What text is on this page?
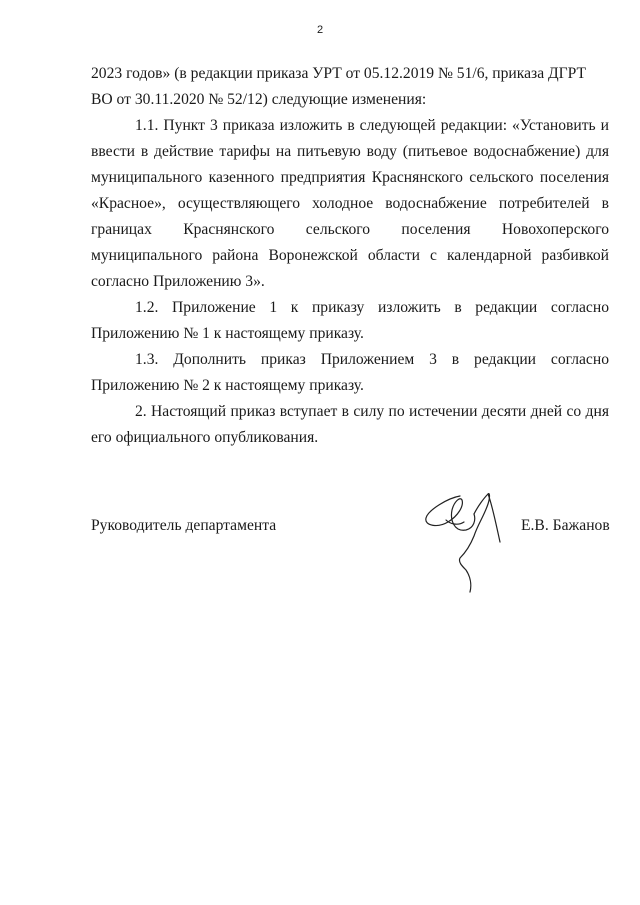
2

2023 годов» (в редакции приказа УРТ от 05.12.2019 № 51/6, приказа ДГРТ ВО от 30.11.2020 № 52/12) следующие изменения:

1.1. Пункт 3 приказа изложить в следующей редакции: «Установить и ввести в действие тарифы на питьевую воду (питьевое водоснабжение) для муниципального казенного предприятия Краснянского сельского поселения «Красное», осуществляющего холодное водоснабжение потребителей в границах Краснянского сельского поселения Новохоперского муниципального района Воронежской области с календарной разбивкой согласно Приложению 3».

1.2. Приложение 1 к приказу изложить в редакции согласно Приложению № 1 к настоящему приказу.

1.3. Дополнить приказ Приложением 3 в редакции согласно Приложению № 2 к настоящему приказу.

2. Настоящий приказ вступает в силу по истечении десяти дней со дня его официального опубликования.

Руководитель департамента	Е.В. Бажанов
